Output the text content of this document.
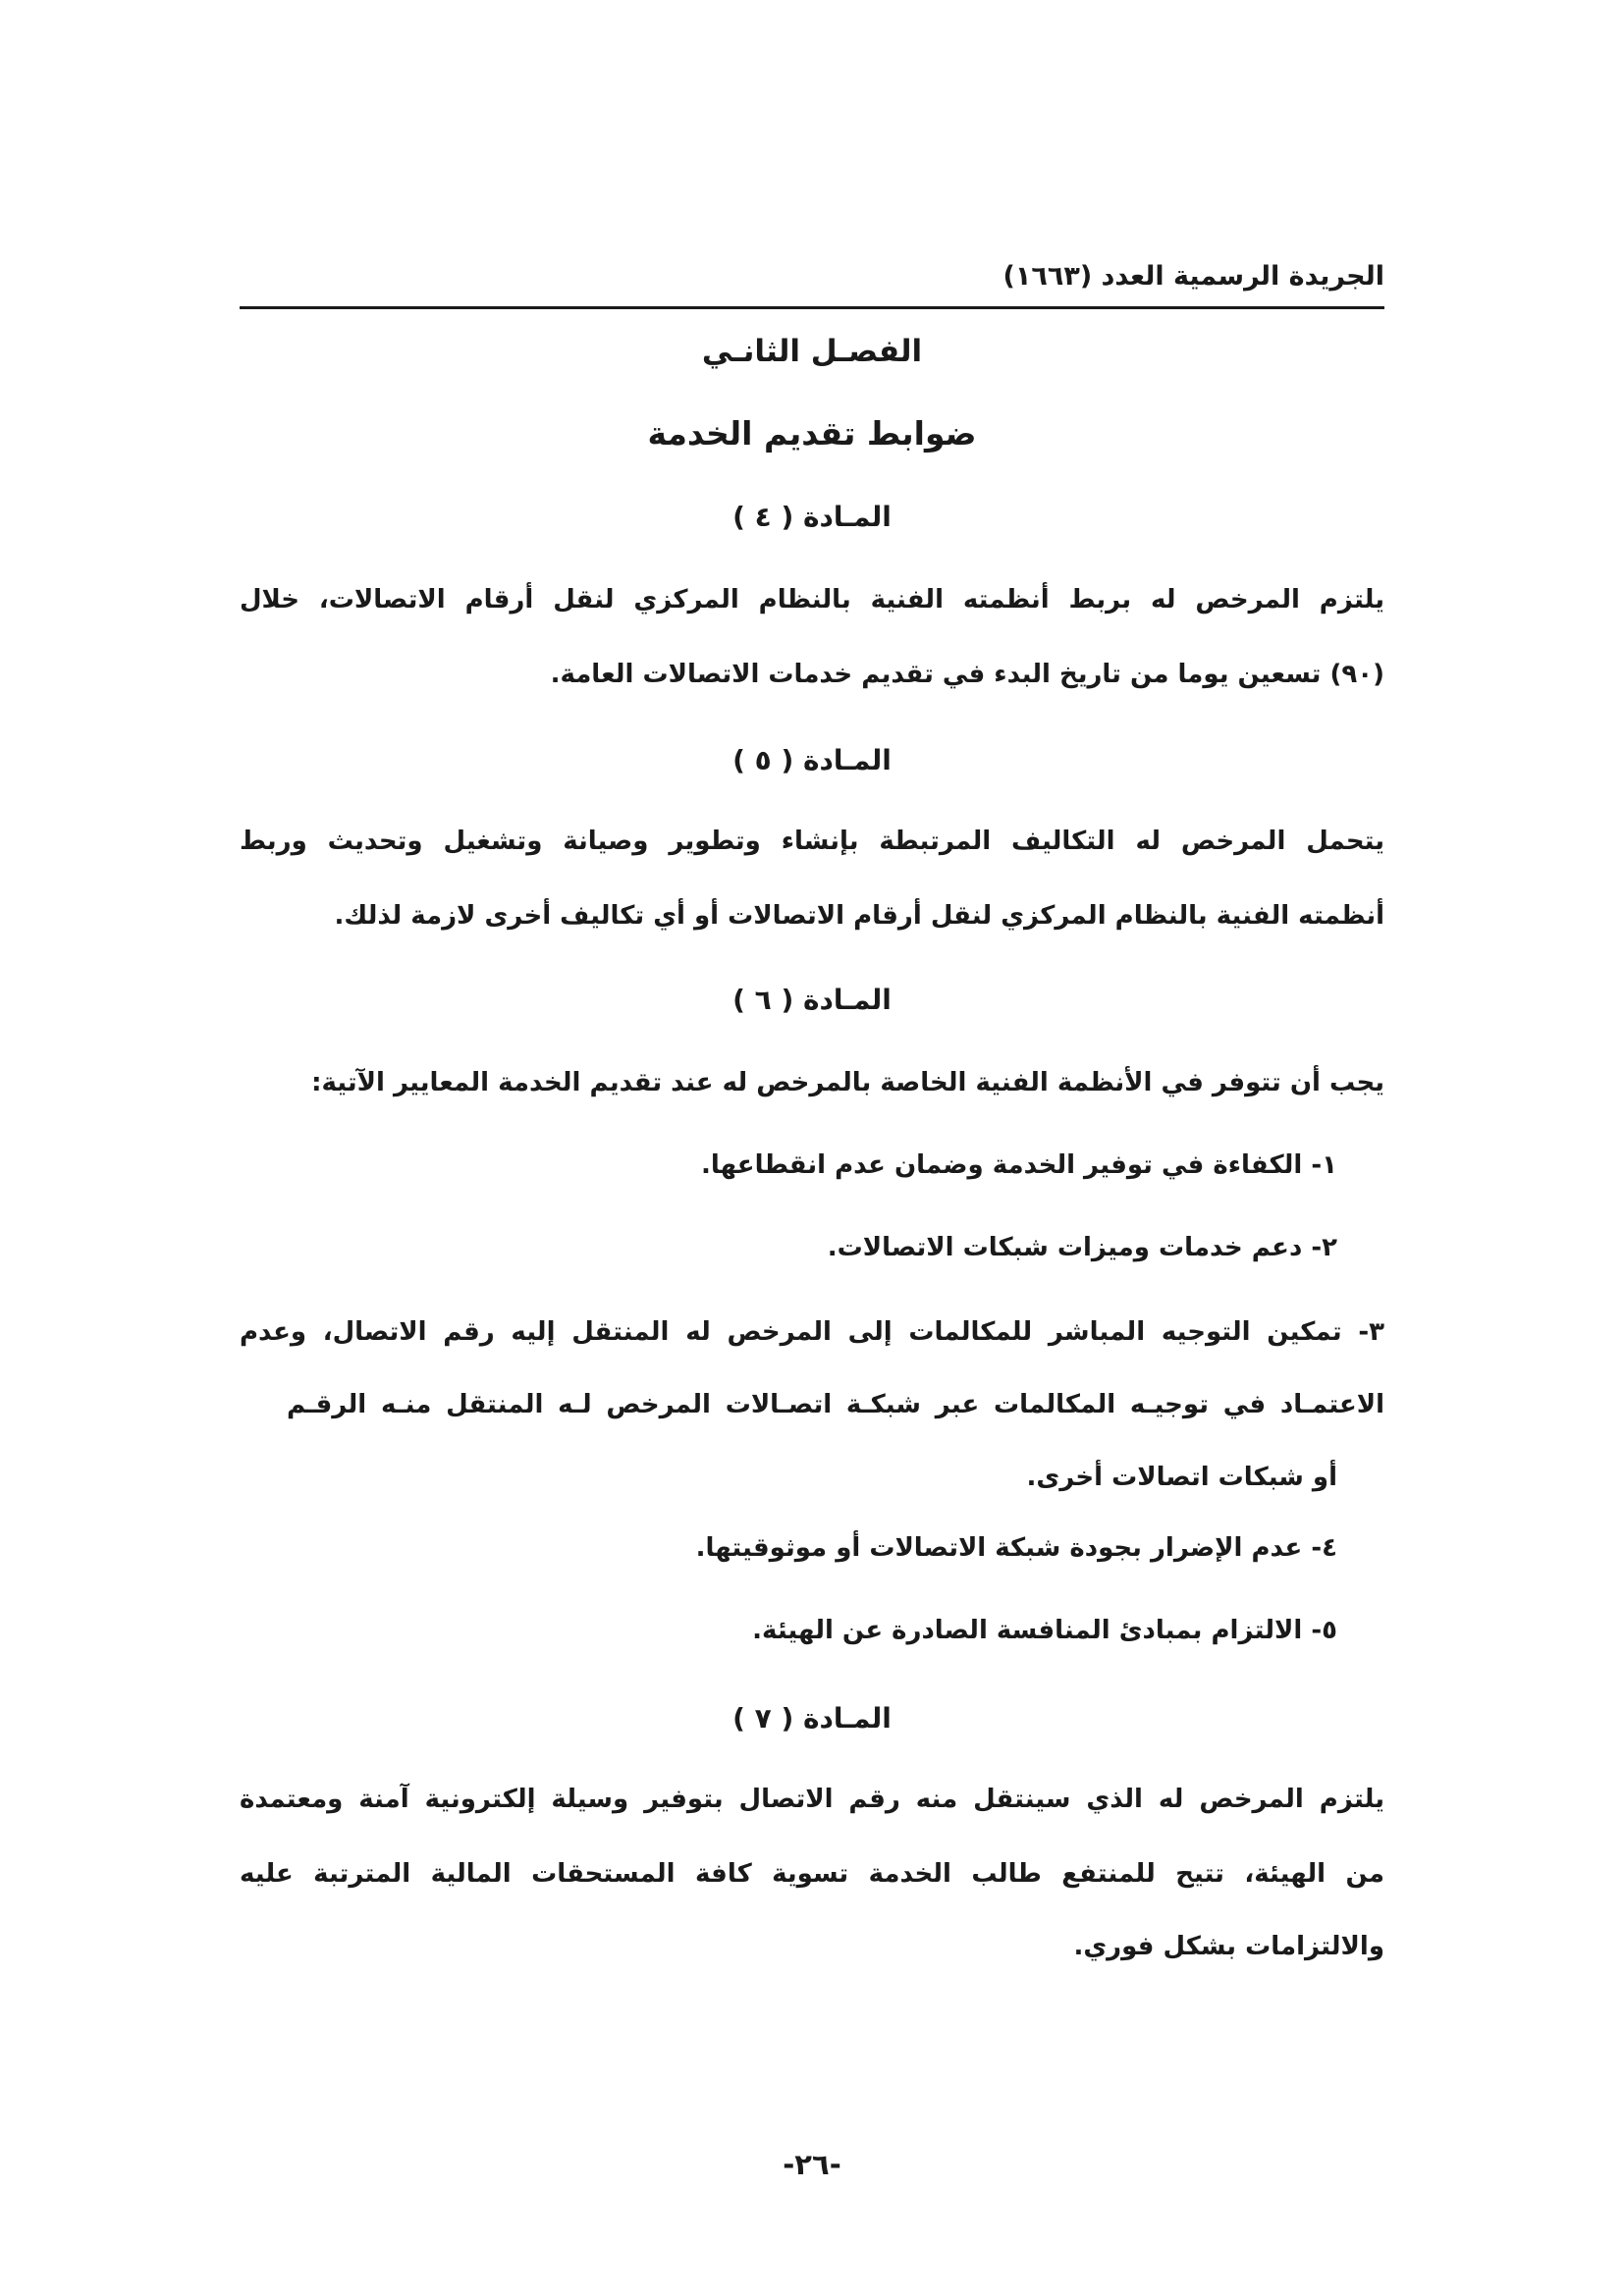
الجريدة الرسمية العدد (١٦٦٣)
الفصـل الثانـي
ضوابط تقديم الخدمة
المـادة ( ٤ )
يلتزم المرخص له بربط أنظمته الفنية بالنظام المركزي لنقل أرقام الاتصالات، خلال
(٩٠) تسعين يوما من تاريخ البدء في تقديم خدمات الاتصالات العامة.
المـادة ( ٥ )
يتحمل المرخص له التكاليف المرتبطة بإنشاء وتطوير وصيانة وتشغيل وتحديث وربط
أنظمته الفنية بالنظام المركزي لنقل أرقام الاتصالات أو أي تكاليف أخرى لازمة لذلك.
المـادة ( ٦ )
يجب أن تتوفر في الأنظمة الفنية الخاصة بالمرخص له عند تقديم الخدمة المعايير الآتية:
١- الكفاءة في توفير الخدمة وضمان عدم انقطاعها.
٢- دعم خدمات وميزات شبكات الاتصالات.
٣- تمكين التوجيه المباشر للمكالمات إلى المرخص له المنتقل إليه رقم الاتصال، وعدم
الاعتمـاد في توجيـه المكالمات عبر شبكـة اتصـالات المرخص لـه المنتقل منـه الرقـم
أو شبكات اتصالات أخرى.
٤- عدم الإضرار بجودة شبكة الاتصالات أو موثوقيتها.
٥- الالتزام بمبادئ المنافسة الصادرة عن الهيئة.
المـادة ( ٧ )
يلتزم المرخص له الذي سينتقل منه رقم الاتصال بتوفير وسيلة إلكترونية آمنة ومعتمدة
من الهيئة، تتيح للمنتفع طالب الخدمة تسوية كافة المستحقات المالية المترتبة عليه
والالتزامات بشكل فوري.
-٢٦-
